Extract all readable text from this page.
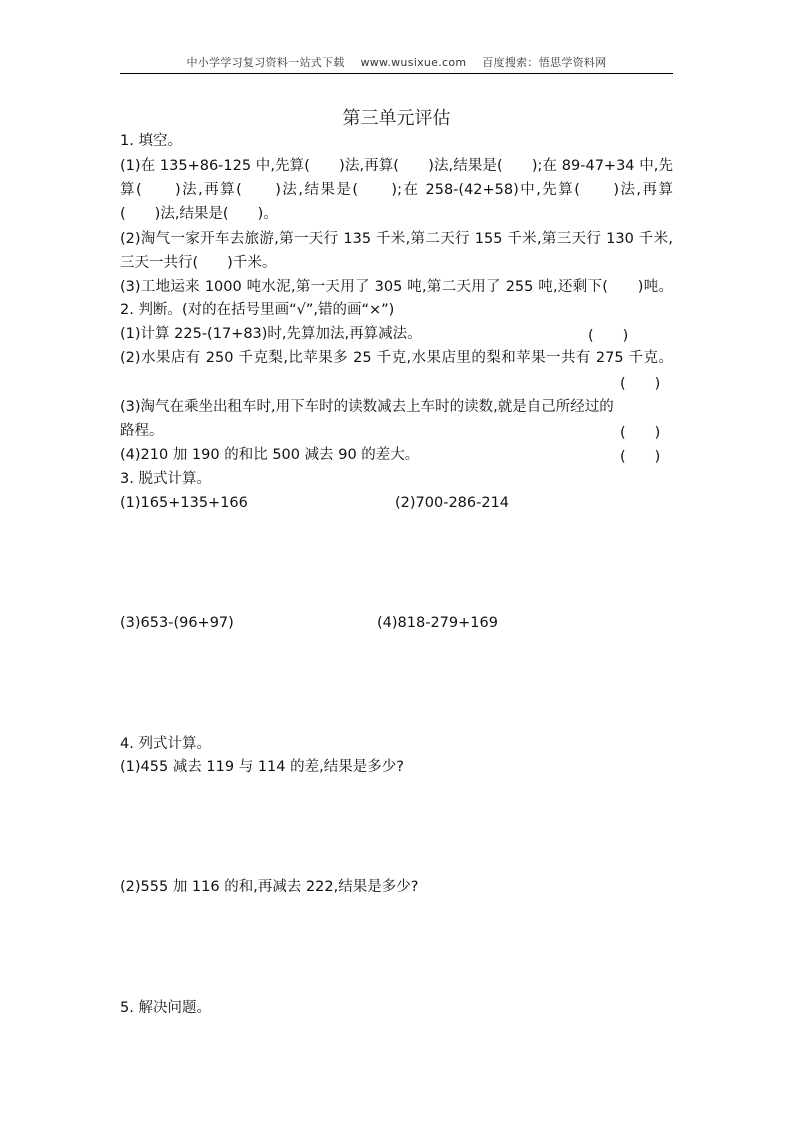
中小学学习复习资料一站式下载 www.wusixue.com 百度搜索：悟思学资料网
第三单元评估
1. 填空。
(1)在 135+86-125 中,先算(　　)法,再算(　　)法,结果是(　　);在 89-47+34 中,先
算(　　)法,再算(　　)法,结果是(　　);在 258-(42+58)中,先算(　　)法,再算
(　　)法,结果是(　　)。
(2)淘气一家开车去旅游,第一天行 135 千米,第二天行 155 千米,第三天行 130 千米,
三天一共行(　　)千米。
(3)工地运来 1000 吨水泥,第一天用了 305 吨,第二天用了 255 吨,还剩下(　　)吨。
2. 判断。(对的在括号里画“√”,错的画“×”)
(1)计算 225-(17+83)时,先算加法,再算减法。	(　　)
(2)水果店有 250 千克梨,比苹果多 25 千克,水果店里的梨和苹果一共有 275 千克。
(　　)
(3)淘气在乘坐出租车时,用下车时的读数减去上车时的读数,就是自己所经过的
路程。	(　　)
(4)210 加 190 的和比 500 减去 90 的差大。	(　　)
3. 脱式计算。
(1)165+135+166	(2)700-286-214
(3)653-(96+97)	(4)818-279+169
4. 列式计算。
(1)455 减去 119 与 114 的差,结果是多少?
(2)555 加 116 的和,再减去 222,结果是多少?
5. 解决问题。
